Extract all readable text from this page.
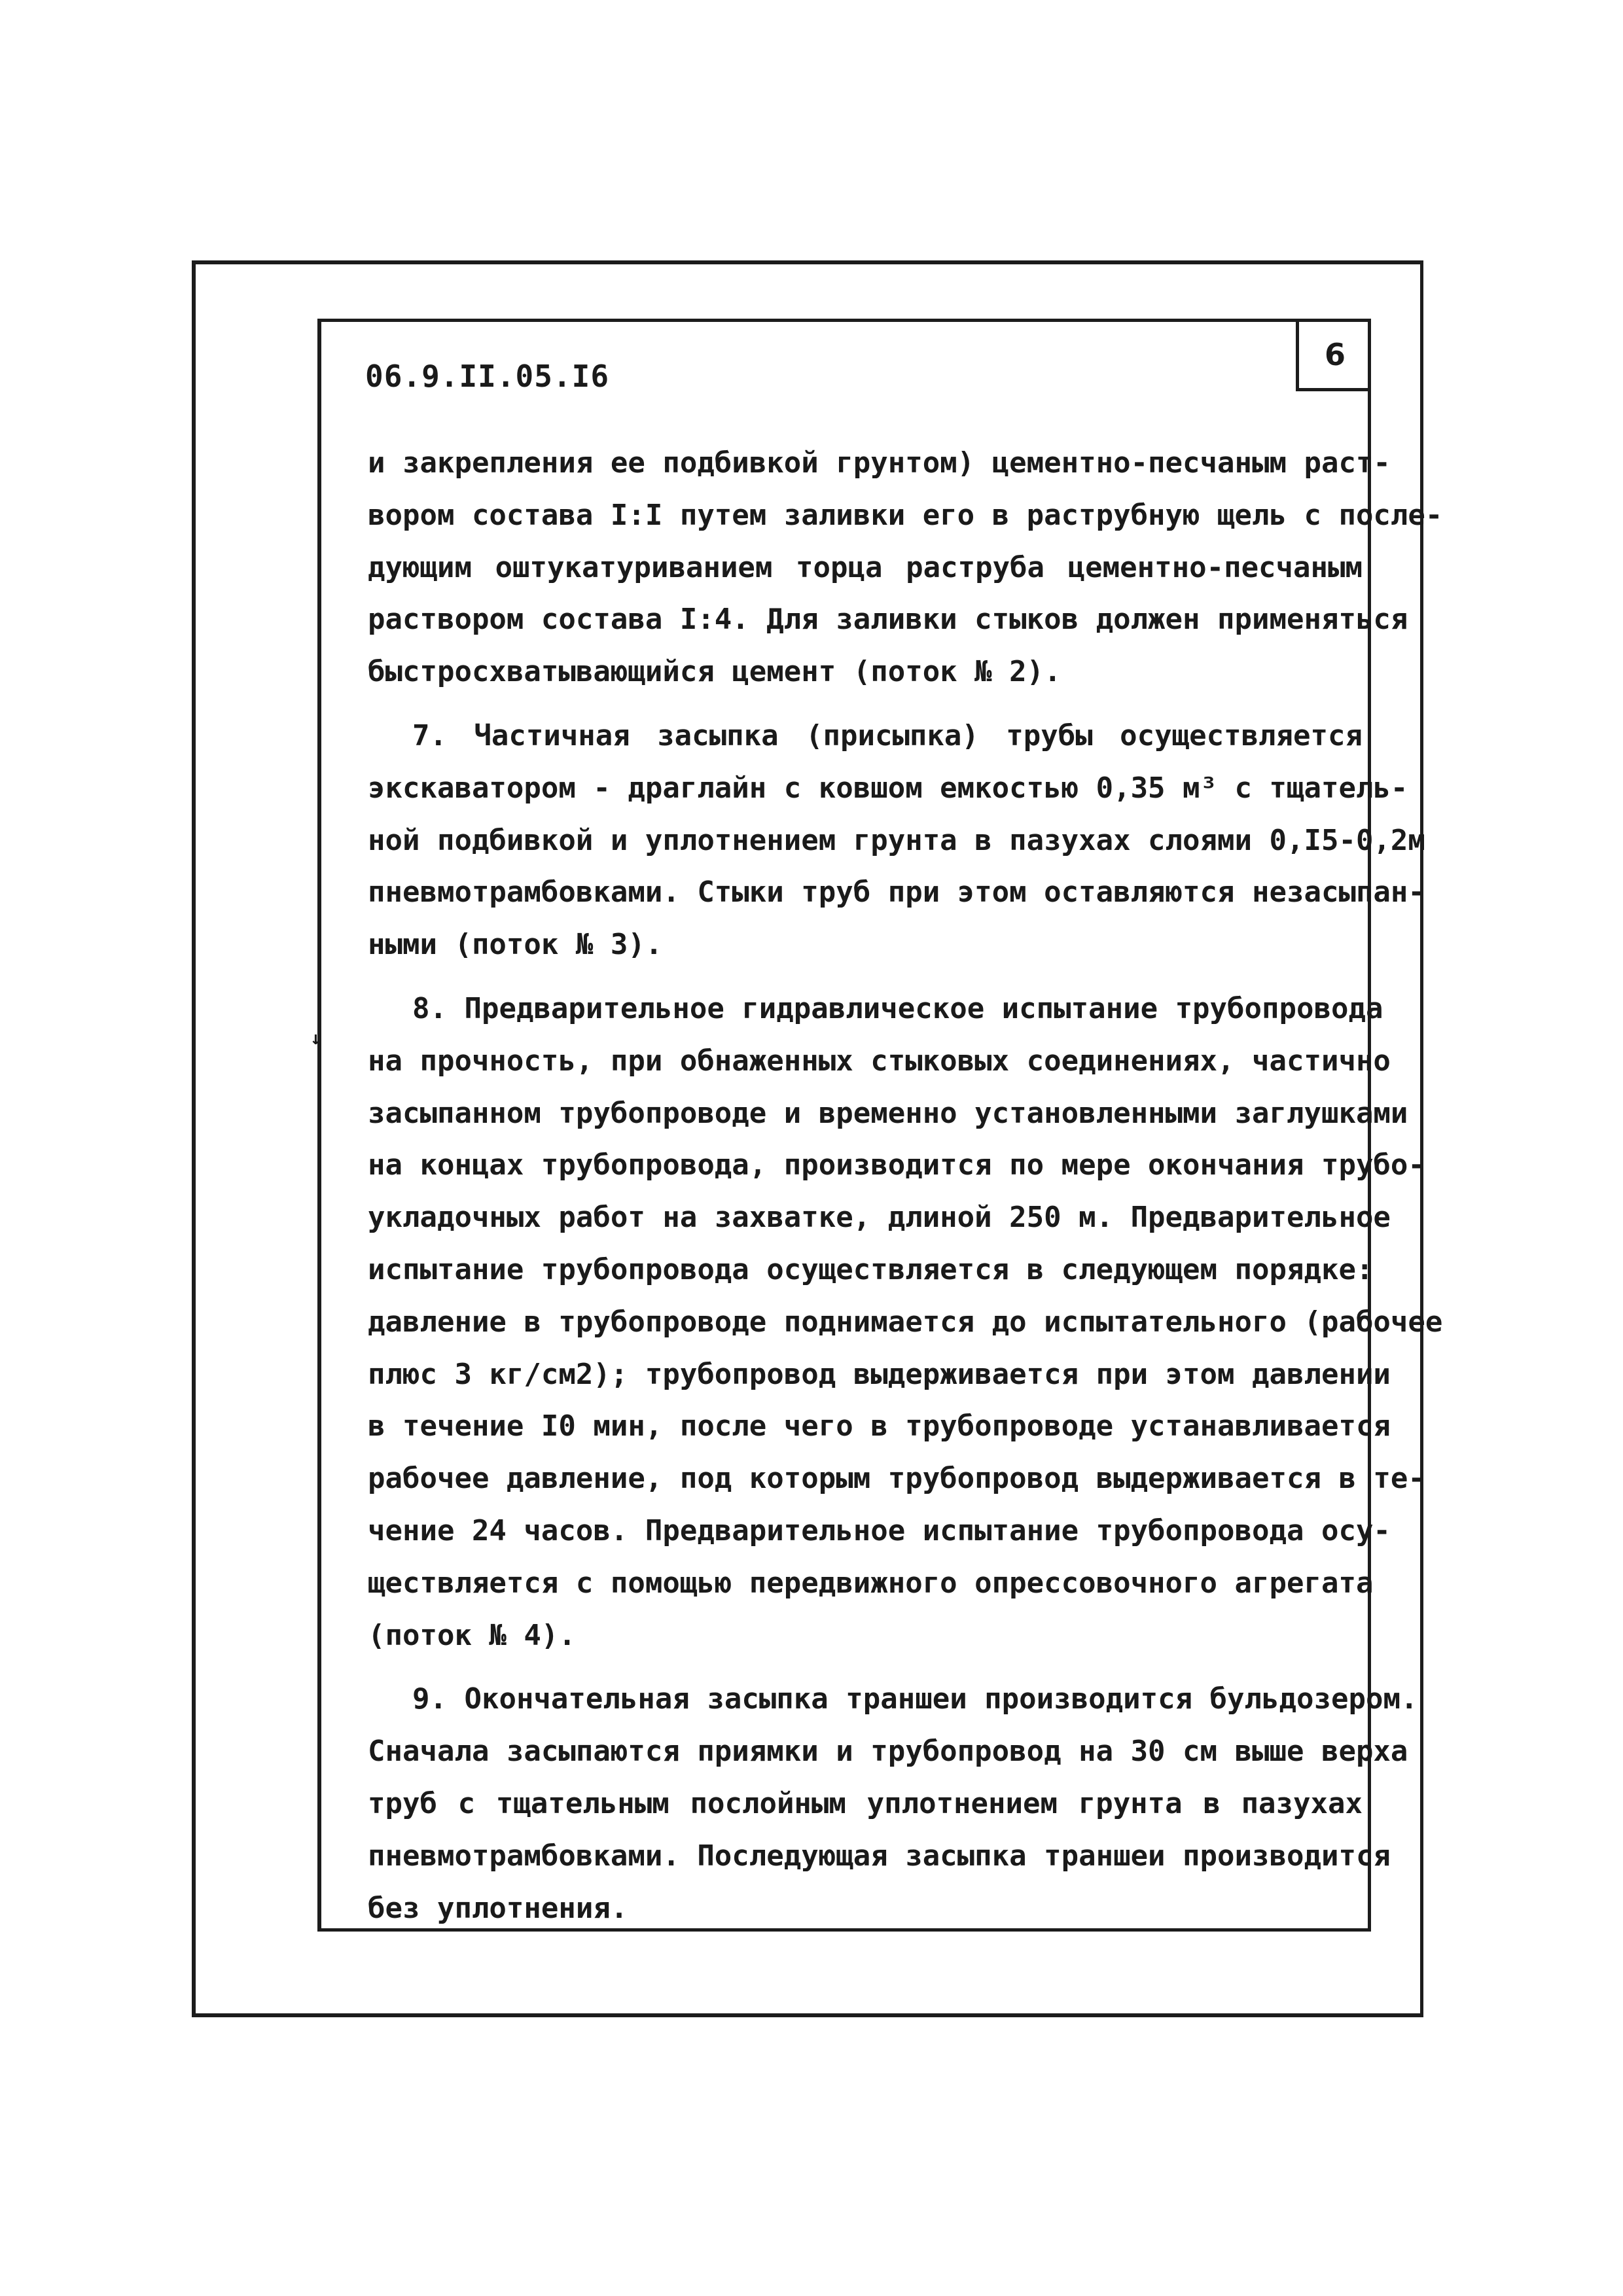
6
06.9.II.05.I6
↓
и закрепления ее подбивкой грунтом) цементно-песчаным раст-
вором состава I:I путем заливки его в раструбную щель с после-
дующим оштукатуриванием торца раструба цементно-песчаным
раствором состава I:4. Для заливки стыков должен применяться
быстросхватывающийся цемент (поток № 2).
7. Частичная засыпка (присыпка) трубы осуществляется
экскаватором - драглайн с ковшом емкостью 0,35 м³ с тщатель-
ной подбивкой и уплотнением грунта в пазухах слоями 0,I5-0,2м
пневмотрамбовками. Стыки труб при этом оставляются незасыпан-
ными (поток № 3).
8. Предварительное гидравлическое испытание трубопровода
на прочность, при обнаженных стыковых соединениях, частично
засыпанном трубопроводе и временно установленными заглушками
на концах трубопровода, производится по мере окончания трубо-
укладочных работ на захватке, длиной 250 м. Предварительное
испытание трубопровода осуществляется в следующем порядке:
давление в трубопроводе поднимается до испытательного (рабочее
плюс 3 кг/см2); трубопровод выдерживается при этом давлении
в течение I0 мин, после чего в трубопроводе устанавливается
рабочее давление, под которым трубопровод выдерживается в те-
чение 24 часов. Предварительное испытание трубопровода осу-
ществляется с помощью передвижного опрессовочного агрегата
(поток № 4).
9. Окончательная засыпка траншеи производится бульдозером.
Сначала засыпаются приямки и трубопровод на 30 см выше верха
труб с тщательным послойным уплотнением грунта в пазухах
пневмотрамбовками. Последующая засыпка траншеи производится
без уплотнения.
